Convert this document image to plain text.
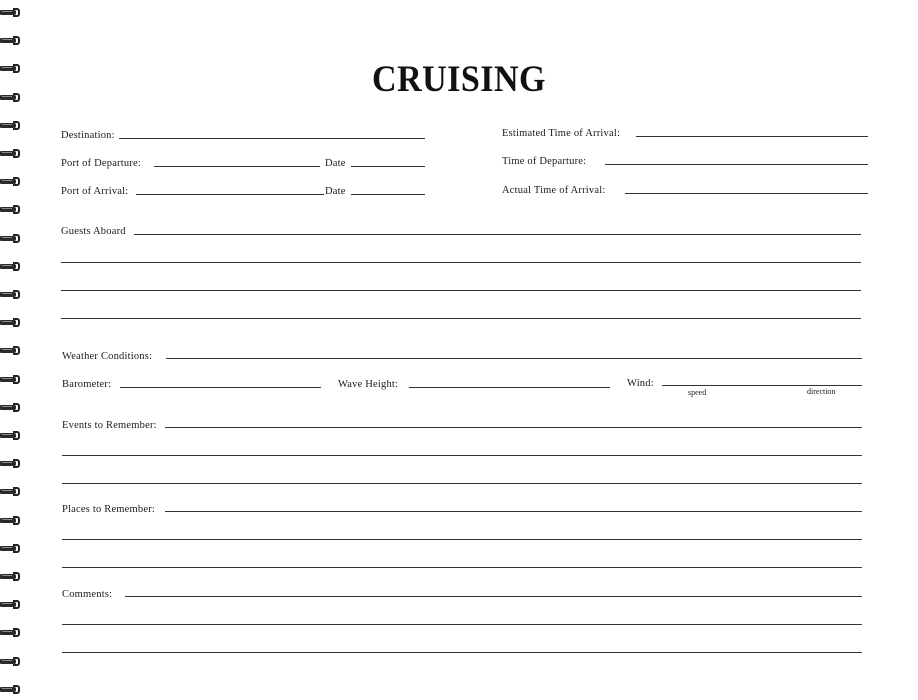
CRUISING
Destination:	Estimated Time of Arrival:
Port of Departure:	Date	Time of Departure:
Port of Arrival:	Date	Actual Time of Arrival:
Guests Aboard
Weather Conditions:
Barometer:	Wave Height:	Wind:
speed	direction
Events to Remember:
Places to Remember:
Comments:
